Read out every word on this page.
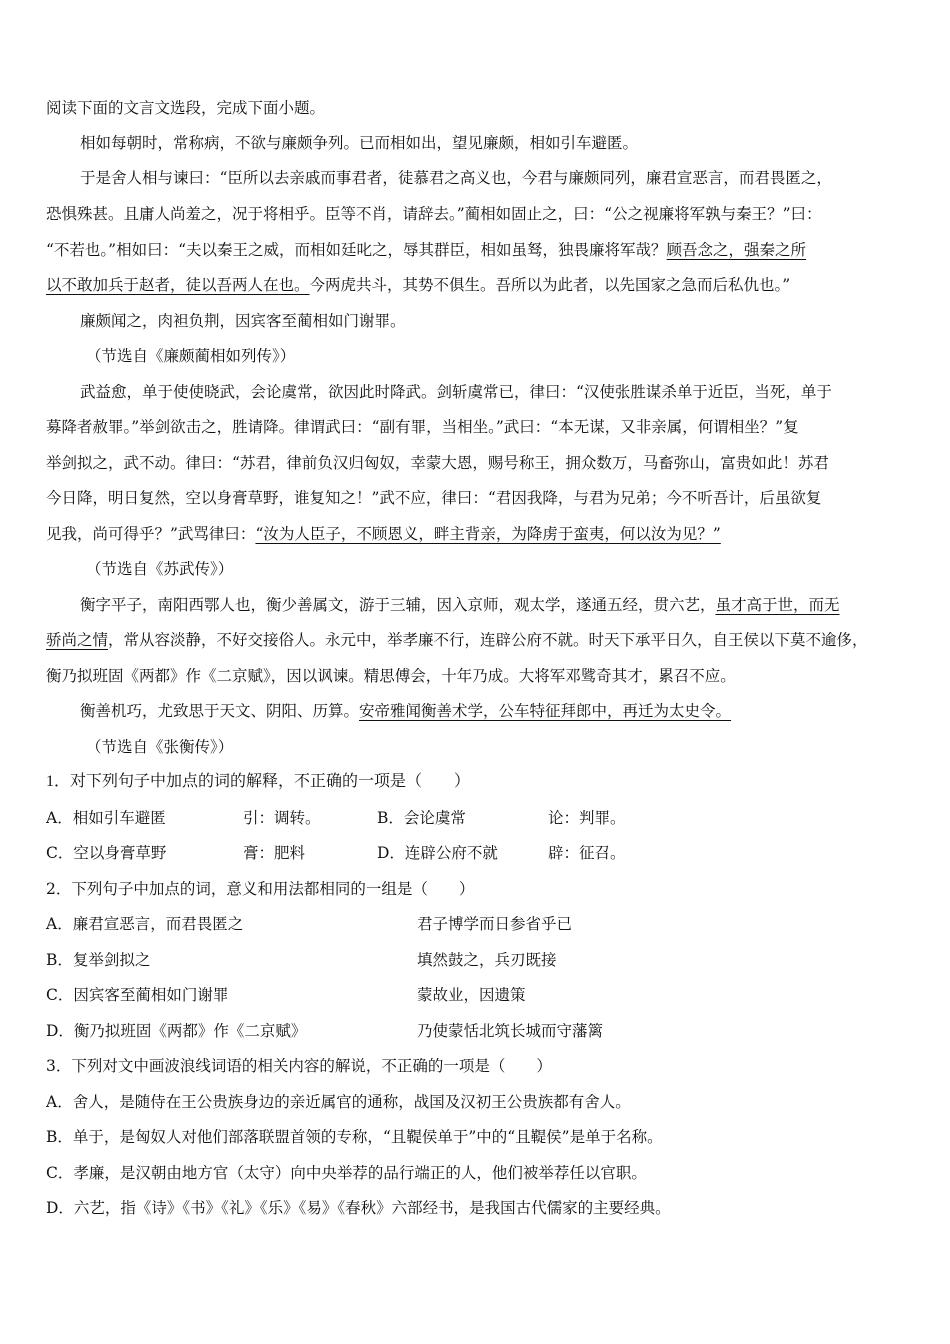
阅读下面的文言文选段，完成下面小题。
相如每朝时，常称病，不欲与廉颇争列。已而相如出，望见廉颇，相如引车避匿。
于是舍人相与谏曰：“臣所以去亲戚而事君者，徒慕君之高义也，今君与廉颇同列，廉君宣恶言，而君畏匿之，
恐惧殊甚。且庸人尚羞之，况于将相乎。臣等不肖，请辞去。”蔺相如固止之，曰：“公之视廉将军孰与秦王？”曰：
“不若也。”相如曰：“夫以秦王之威，而相如廷叱之，辱其群臣，相如虽驽，独畏廉将军哉？顾吾念之，强秦之所
以不敢加兵于赵者，徒以吾两人在也。今两虎共斗，其势不俱生。吾所以为此者，以先国家之急而后私仇也。”
廉颇闻之，肉袒负荆，因宾客至蔺相如门谢罪。
（节选自《廉颇蔺相如列传》）
武益愈，单于使使晓武，会论虞常，欲因此时降武。剑斩虞常已，律曰：“汉使张胜谋杀单于近臣，当死，单于
募降者赦罪。”举剑欲击之，胜请降。律谓武曰：“副有罪，当相坐。”武曰：“本无谋，又非亲属，何谓相坐？”复
举剑拟之，武不动。律曰：“苏君，律前负汉归匈奴，幸蒙大恩，赐号称王，拥众数万，马畜弥山，富贵如此！苏君
今日降，明日复然，空以身膏草野，谁复知之！”武不应，律曰：“君因我降，与君为兄弟；今不听吾计，后虽欲复
见我，尚可得乎？”武骂律曰：“汝为人臣子，不顾恩义，畔主背亲，为降虏于蛮夷，何以汝为见？”
（节选自《苏武传》）
衡字平子，南阳西鄂人也，衡少善属文，游于三辅，因入京师，观太学，遂通五经，贯六艺，虽才高于世，而无
骄尚之情，常从容淡静，不好交接俗人。永元中，举孝廉不行，连辟公府不就。时天下承平日久，自王侯以下莫不逾侈，
衡乃拟班固《两都》作《二京赋》，因以讽谏。精思傅会，十年乃成。大将军邓骘奇其才，累召不应。
衡善机巧，尤致思于天文、阴阳、历算。安帝雅闻衡善术学，公车特征拜郎中，再迁为太史令。
（节选自《张衡传》）
1．对下列句子中加点的词的解释，不正确的一项是（　　）
A．相如引车避匿	引：调转。	B．会论虞常	论：判罪。
C．空以身膏草野	膏：肥料	D．连辟公府不就	辟：征召。
2．下列句子中加点的词，意义和用法都相同的一组是（　　）
A．廉君宣恶言，而君畏匿之	君子博学而日参省乎已
B．复举剑拟之	填然鼓之，兵刃既接
C．因宾客至蔺相如门谢罪	蒙故业，因遗策
D．衡乃拟班固《两都》作《二京赋》	乃使蒙恬北筑长城而守藩篱
3．下列对文中画波浪线词语的相关内容的解说，不正确的一项是（　　）
A．舍人，是随侍在王公贵族身边的亲近属官的通称，战国及汉初王公贵族都有舍人。
B．单于，是匈奴人对他们部落联盟首领的专称，“且鞮侯单于”中的“且鞮侯”是单于名称。
C．孝廉，是汉朝由地方官（太守）向中央举荐的品行端正的人，他们被举荐任以官职。
D．六艺，指《诗》《书》《礼》《乐》《易》《春秋》六部经书，是我国古代儒家的主要经典。
